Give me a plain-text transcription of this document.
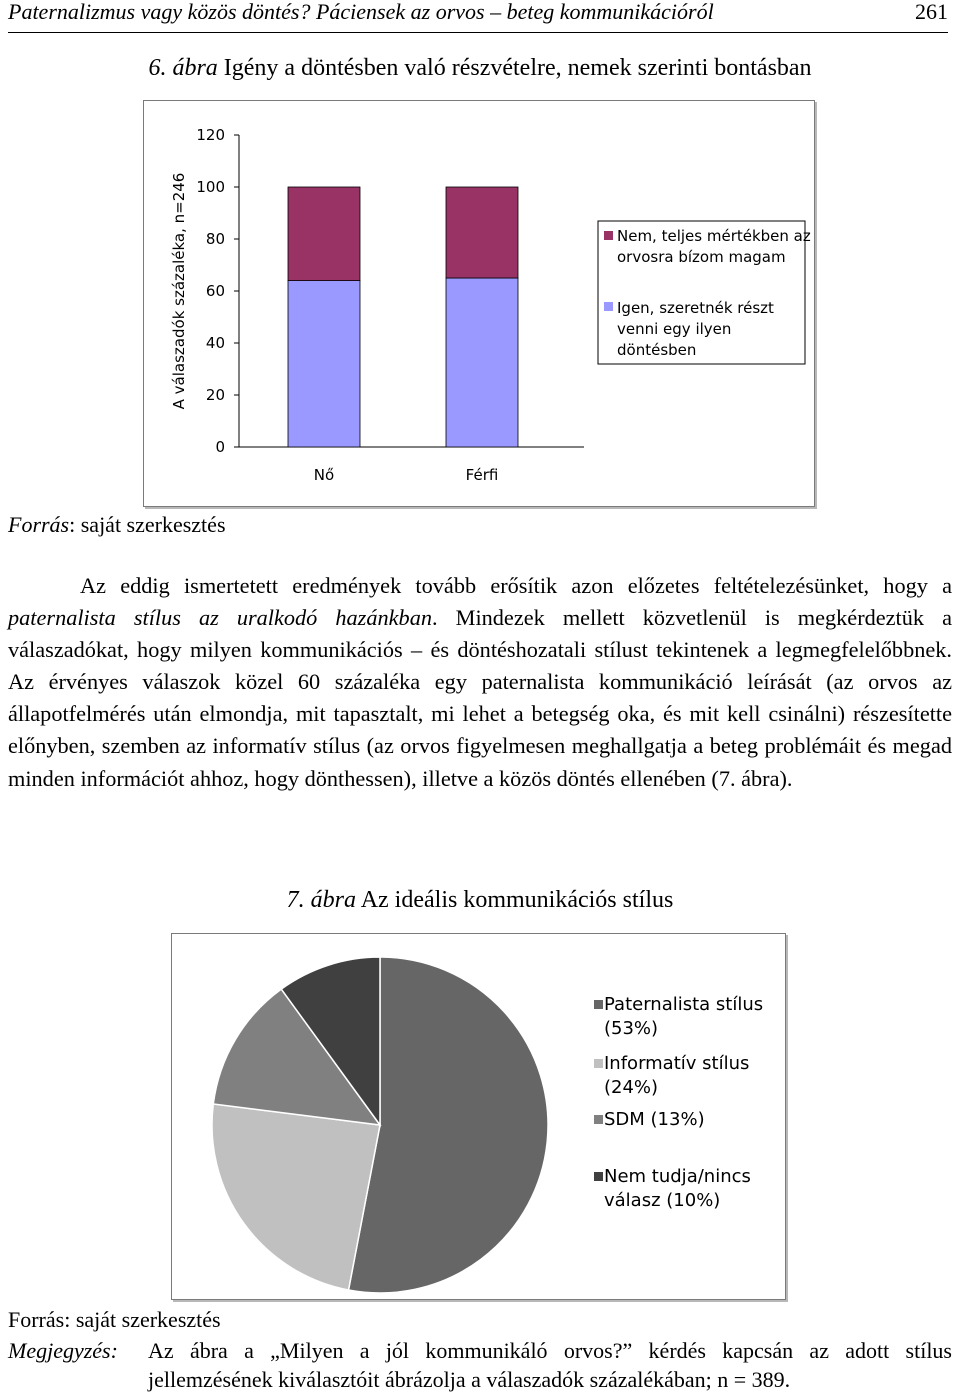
Paternalizmus vagy közös döntés? Páciensek az orvos – beteg kommunikációról	261
6. ábra Igény a döntésben való részvételre, nemek szerinti bontásban
0
20
40
60
80
100
120
A válaszadók százaléka, n=246
Nő	Férfi
Nem, teljes mértékben az
orvosra bízom magam
Igen, szeretnék részt
venni egy ilyen
döntésben
Forrás: saját szerkesztés

Az eddig ismertetett eredmények tovább erősítik azon előzetes feltételezésünket, hogy a paternalista stílus az uralkodó hazánkban. Mindezek mellett közvetlenül is megkérdeztük a válaszadókat, hogy milyen kommunikációs – és döntéshozatali stílust tekintenek a legmegfelelőbbnek. Az érvényes válaszok közel 60 százaléka egy paternalista kommunikáció leírását (az orvos az állapotfelmérés után elmondja, mit tapasztalt, mi lehet a betegség oka, és mit kell csinálni) részesítette előnyben, szemben az informatív stílus (az orvos figyelmesen meghallgatja a beteg problémáit és megad minden információt ahhoz, hogy dönthessen), illetve a közös döntés ellenében (7. ábra).

7. ábra Az ideális kommunikációs stílus
Paternalista stílus
(53%)
Informatív stílus
(24%)
SDM (13%)
Nem tudja/nincs
válasz (10%)
Forrás: saját szerkesztés
Megjegyzés: Az ábra a „Milyen a jól kommunikáló orvos?” kérdés kapcsán az adott stílus jellemzésének kiválasztóit ábrázolja a válaszadók százalékában; n = 389.
